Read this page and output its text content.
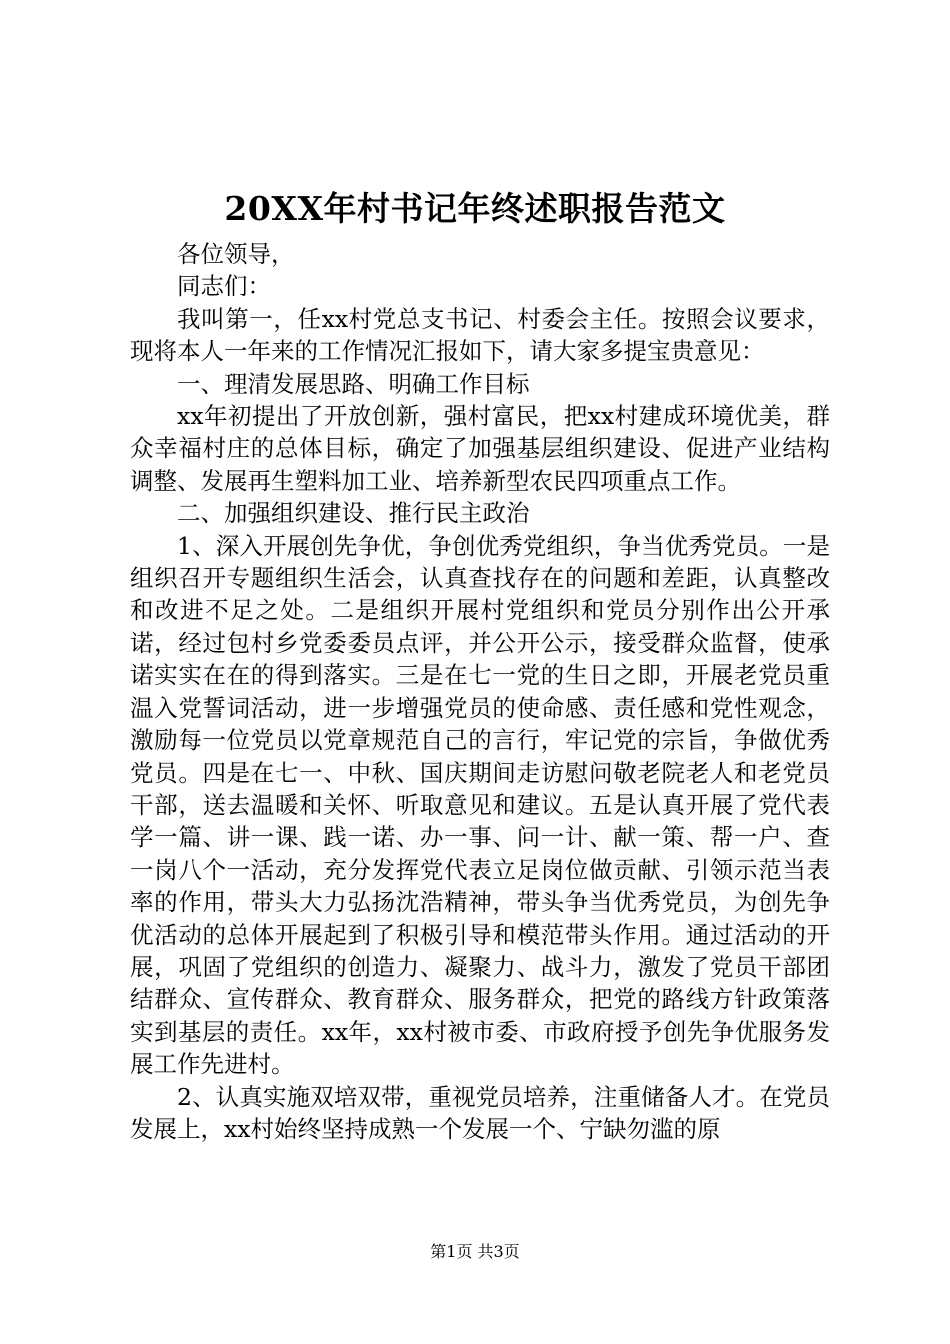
20XX年村书记年终述职报告范文

各位领导，

同志们：

我叫第一，任xx村党总支书记、村委会主任。按照会议要求，现将本人一年来的工作情况汇报如下，请大家多提宝贵意见：

一、理清发展思路、明确工作目标

xx年初提出了开放创新，强村富民，把xx村建成环境优美，群众幸福村庄的总体目标，确定了加强基层组织建设、促进产业结构调整、发展再生塑料加工业、培养新型农民四项重点工作。

二、加强组织建设、推行民主政治

1、深入开展创先争优，争创优秀党组织，争当优秀党员。一是组织召开专题组织生活会，认真查找存在的问题和差距，认真整改和改进不足之处。二是组织开展村党组织和党员分别作出公开承诺，经过包村乡党委委员点评，并公开公示，接受群众监督，使承诺实实在在的得到落实。三是在七一党的生日之即，开展老党员重温入党誓词活动，进一步增强党员的使命感、责任感和党性观念，激励每一位党员以党章规范自己的言行，牢记党的宗旨，争做优秀党员。四是在七一、中秋、国庆期间走访慰问敬老院老人和老党员干部，送去温暖和关怀、听取意见和建议。五是认真开展了党代表学一篇、讲一课、践一诺、办一事、问一计、献一策、帮一户、查一岗八个一活动，充分发挥党代表立足岗位做贡献、引领示范当表率的作用，带头大力弘扬沈浩精神，带头争当优秀党员，为创先争优活动的总体开展起到了积极引导和模范带头作用。通过活动的开展，巩固了党组织的创造力、凝聚力、战斗力，激发了党员干部团结群众、宣传群众、教育群众、服务群众，把党的路线方针政策落实到基层的责任。xx年，xx村被市委、市政府授予创先争优服务发展工作先进村。

2、认真实施双培双带，重视党员培养，注重储备人才。在党员发展上，xx村始终坚持成熟一个发展一个、宁缺勿滥的原

第1页 共3页
